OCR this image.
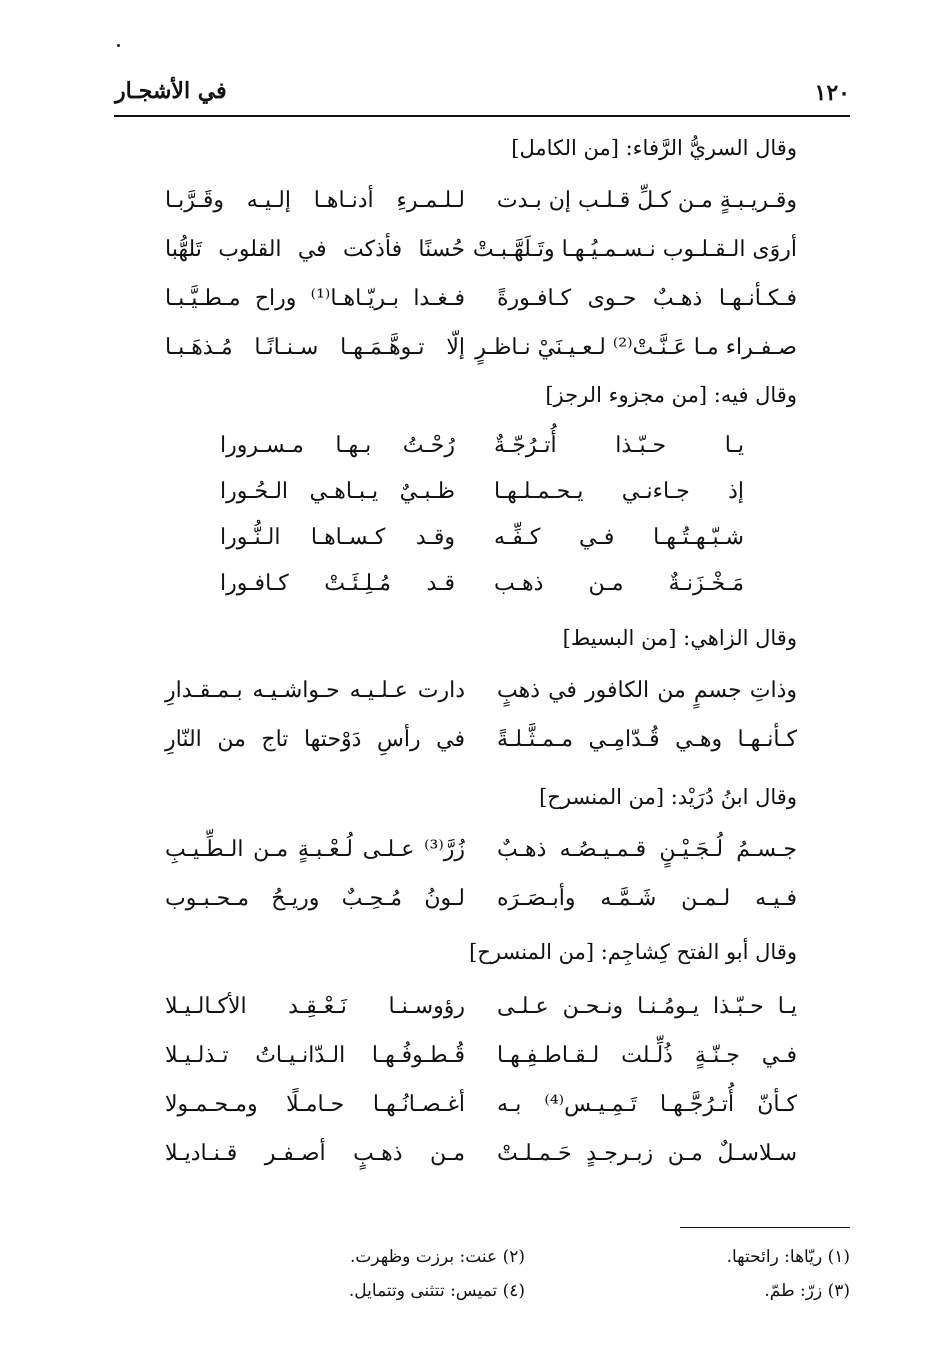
١٢٠
في الأشجـار
وقال السريُّ الرَّفاء: [من الكامل]
وقـريـبـةٍ مـن كـلِّ قـلـب إن بـدت
لـلـمـرءِ أدنـاهـا إلـيـه وقَـرَّبـا
أروَى الـقـلـوب نـسـمـيُـهـا وتَـلَهَّـبـتْ
حُسنًا فأذكت في القلوب تَلهُّبا
فـكـأنـهـا ذهـبٌ حـوى كـافـورةً
فـغـدا بـريّـاهـا⁽¹⁾ وراح مـطـيَّـبـا
صـفـراء مـا عَـنَّـتْ⁽²⁾ لـعـيـنَيْ نـاظـرٍ
إلّا تـوهَّـمَـهـا سـنـانًـا مُـذهَـبـا
وقال فيه: [من مجزوء الرجز]
يـا حـبّـذا أُتـرُجّـةٌ
رُحْـتُ بـهـا مـسـرورا
إذ جـاءنـي يـحـمـلـهـا
ظـبـيٌ يـبـاهـي الـحُـورا
شـبّـهـتُـهـا فـي كـفِّـه
وقـد كـسـاهـا الـنُّـورا
مَـخْـزَنـةٌ مـن ذهـب
قـد مُـلِـئَـتْ كـافـورا
وقال الزاهي: [من البسيط]
وذاتِ جسمٍ من الكافور في ذهبٍ
دارت عـلـيـه حـواشـيـه بـمـقـدارِ
كـأنـهـا وهـي قُـدّامِـي مـمـثَّـلـةً
في رأسِ دَوْحتها تاج من النّارِ
وقال ابنُ دُرَيْد: [من المنسرح]
جـسـمُ لُـجَـيْـنٍ قـمـيـصُـه ذهـبٌ
زُرَّ⁽³⁾ عـلـى لُـعْـبـةٍ مـن الـطِّـيـبِ
فـيـه لـمـن شَـمَّـه وأبـصَـرَه
لـونُ مُـحِـبٌ وريـحُ مـحـبـوب
وقال أبو الفتح كِشاجِم: [من المنسرح]
يـا حـبّـذا يـومُـنـا ونـحـن عـلـى
رؤوسـنـا نَـعْـقِـد الأكـالـيـلا
فـي جـنّـةٍ ذُلِّـلت لـقـاطـفِـهـا
قُـطـوفُـهـا الـدّانـيـاتُ تـذلـيـلا
كـأنّ أُتـرُجَّـهـا تَـمِـيـس⁽⁴⁾ بـه
أغـصـانُـهـا حـامـلًا ومـحـمـولا
سـلاسـلٌ مـن زبـرجـدٍ حَـمـلـتْ
مـن ذهـبٍ أصـفـر قـنـاديـلا
(١) ريّاها: رائحتها.
(٢) عنت: برزت وظهرت.
(٣) زرّ: طمّ.
(٤) تميس: تتثنى وتتمايل.
